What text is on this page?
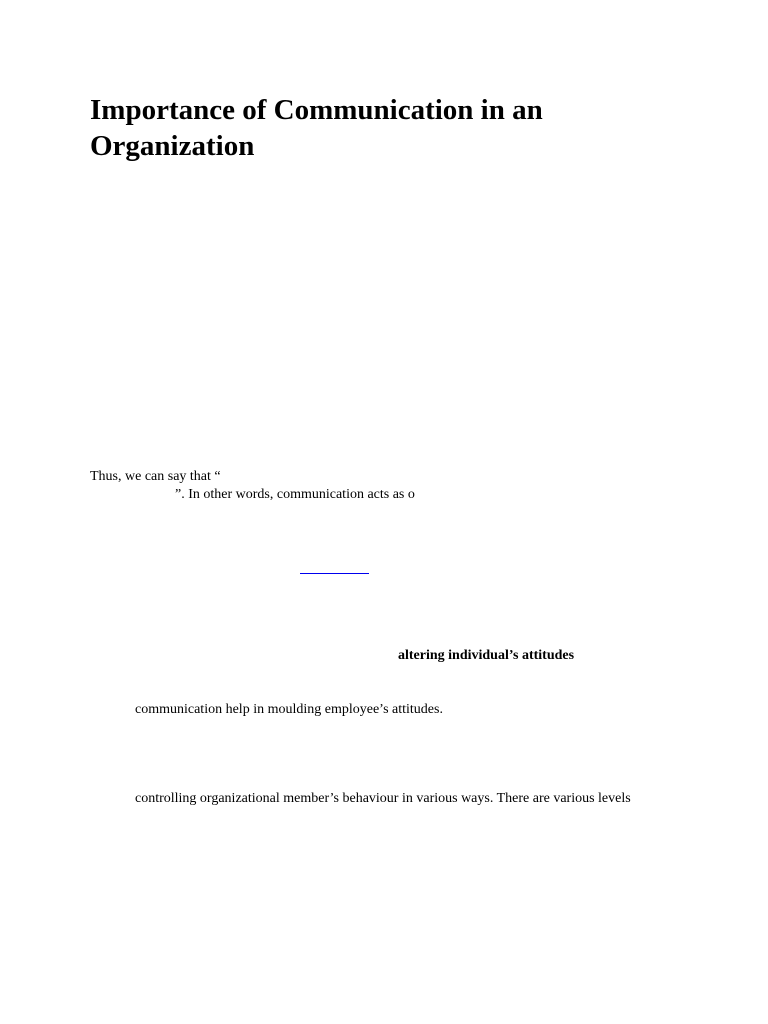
Importance of Communication in an Organization

Thus, we can say that “

”. In other words, communication acts as o

altering individual’s attitudes

communication help in moulding employee’s attitudes.

controlling organizational member’s behaviour in various ways. There are various levels
